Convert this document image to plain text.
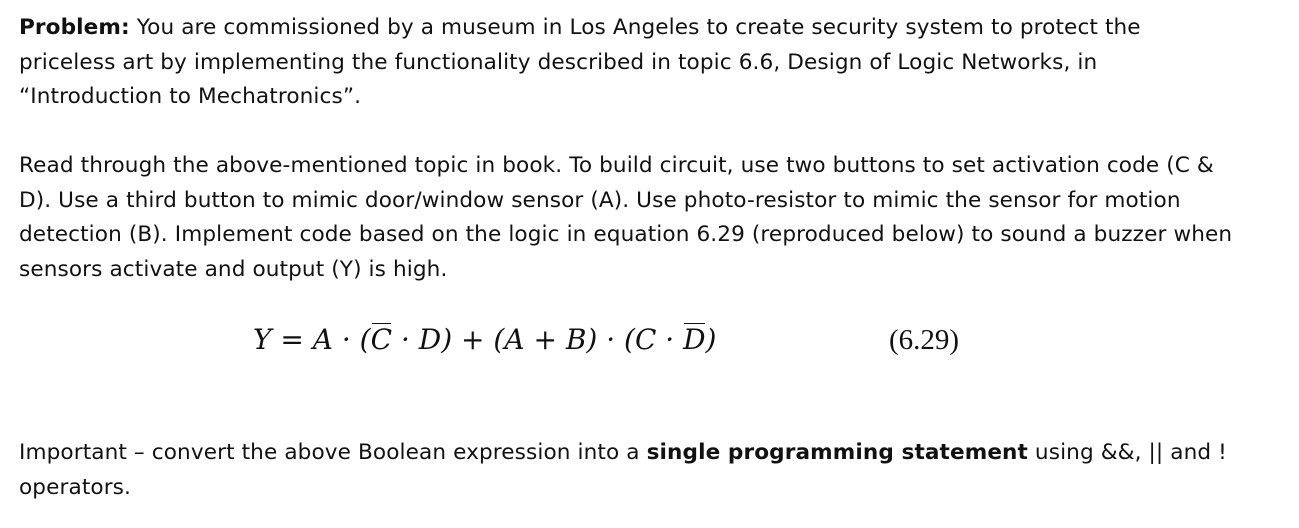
Problem: You are commissioned by a museum in Los Angeles to create security system to protect the priceless art by implementing the functionality described in topic 6.6, Design of Logic Networks, in “Introduction to Mechatronics”.

Read through the above-mentioned topic in book. To build circuit, use two buttons to set activation code (C & D). Use a third button to mimic door/window sensor (A). Use photo-resistor to mimic the sensor for motion detection (B). Implement code based on the logic in equation 6.29 (reproduced below) to sound a buzzer when sensors activate and output (Y) is high.

Y = A · (C · D) + (A + B) · (C · D)	(6.29)

Important – convert the above Boolean expression into a single programming statement using &&, || and ! operators.
